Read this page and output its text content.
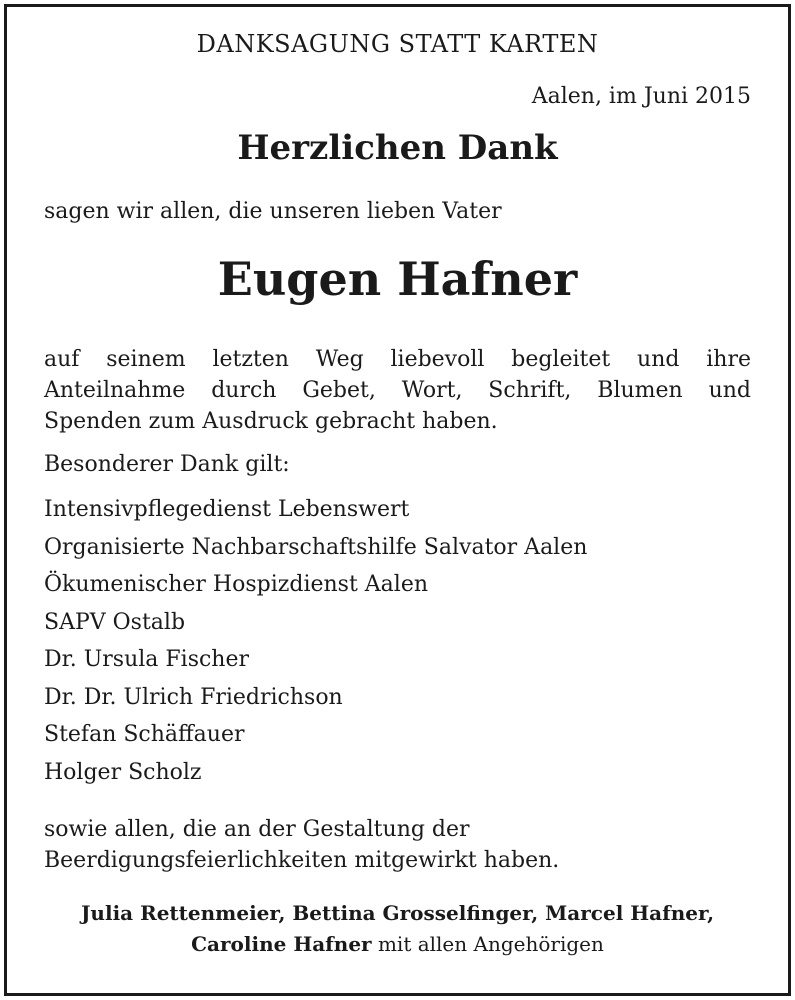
DANKSAGUNG STATT KARTEN
Aalen, im Juni 2015
Herzlichen Dank
sagen wir allen, die unseren lieben Vater
Eugen Hafner
auf seinem letzten Weg liebevoll begleitet und ihre
Anteilnahme durch Gebet, Wort, Schrift, Blumen und
Spenden zum Ausdruck gebracht haben.
Besonderer Dank gilt:
Intensivpflegedienst Lebenswert
Organisierte Nachbarschaftshilfe Salvator Aalen
Ökumenischer Hospizdienst Aalen
SAPV Ostalb
Dr. Ursula Fischer
Dr. Dr. Ulrich Friedrichson
Stefan Schäffauer
Holger Scholz
sowie allen, die an der Gestaltung der
Beerdigungsfeierlichkeiten mitgewirkt haben.
Julia Rettenmeier, Bettina Grosselfinger, Marcel Hafner,
Caroline Hafner mit allen Angehörigen
